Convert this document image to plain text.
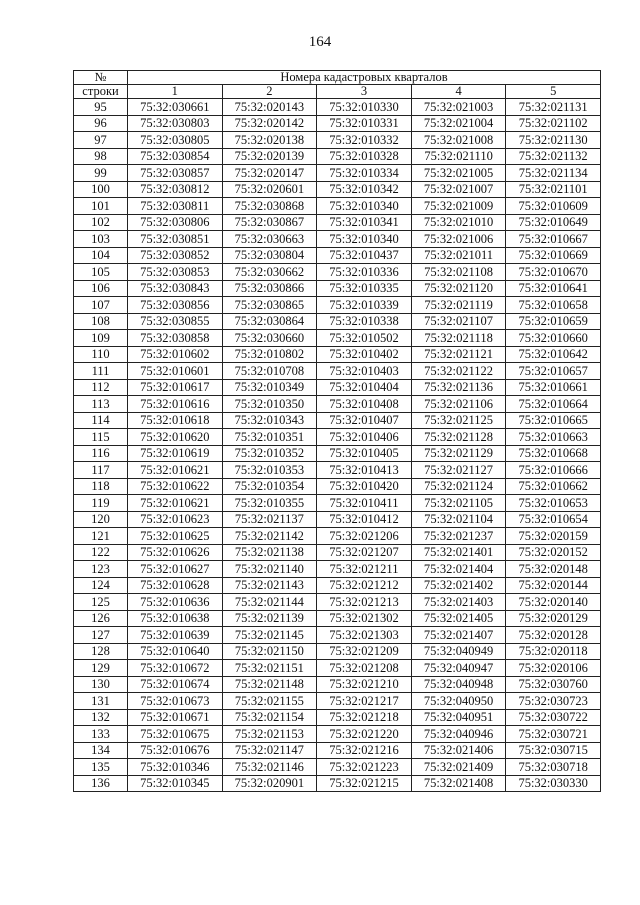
164
№	Номера кадастровых кварталов				
строки	1	2	3	4	5
95	75:32:030661	75:32:020143	75:32:010330	75:32:021003	75:32:021131
96	75:32:030803	75:32:020142	75:32:010331	75:32:021004	75:32:021102
97	75:32:030805	75:32:020138	75:32:010332	75:32:021008	75:32:021130
98	75:32:030854	75:32:020139	75:32:010328	75:32:021110	75:32:021132
99	75:32:030857	75:32:020147	75:32:010334	75:32:021005	75:32:021134
100	75:32:030812	75:32:020601	75:32:010342	75:32:021007	75:32:021101
101	75:32:030811	75:32:030868	75:32:010340	75:32:021009	75:32:010609
102	75:32:030806	75:32:030867	75:32:010341	75:32:021010	75:32:010649
103	75:32:030851	75:32:030663	75:32:010340	75:32:021006	75:32:010667
104	75:32:030852	75:32:030804	75:32:010437	75:32:021011	75:32:010669
105	75:32:030853	75:32:030662	75:32:010336	75:32:021108	75:32:010670
106	75:32:030843	75:32:030866	75:32:010335	75:32:021120	75:32:010641
107	75:32:030856	75:32:030865	75:32:010339	75:32:021119	75:32:010658
108	75:32:030855	75:32:030864	75:32:010338	75:32:021107	75:32:010659
109	75:32:030858	75:32:030660	75:32:010502	75:32:021118	75:32:010660
110	75:32:010602	75:32:010802	75:32:010402	75:32:021121	75:32:010642
111	75:32:010601	75:32:010708	75:32:010403	75:32:021122	75:32:010657
112	75:32:010617	75:32:010349	75:32:010404	75:32:021136	75:32:010661
113	75:32:010616	75:32:010350	75:32:010408	75:32:021106	75:32:010664
114	75:32:010618	75:32:010343	75:32:010407	75:32:021125	75:32:010665
115	75:32:010620	75:32:010351	75:32:010406	75:32:021128	75:32:010663
116	75:32:010619	75:32:010352	75:32:010405	75:32:021129	75:32:010668
117	75:32:010621	75:32:010353	75:32:010413	75:32:021127	75:32:010666
118	75:32:010622	75:32:010354	75:32:010420	75:32:021124	75:32:010662
119	75:32:010621	75:32:010355	75:32:010411	75:32:021105	75:32:010653
120	75:32:010623	75:32:021137	75:32:010412	75:32:021104	75:32:010654
121	75:32:010625	75:32:021142	75:32:021206	75:32:021237	75:32:020159
122	75:32:010626	75:32:021138	75:32:021207	75:32:021401	75:32:020152
123	75:32:010627	75:32:021140	75:32:021211	75:32:021404	75:32:020148
124	75:32:010628	75:32:021143	75:32:021212	75:32:021402	75:32:020144
125	75:32:010636	75:32:021144	75:32:021213	75:32:021403	75:32:020140
126	75:32:010638	75:32:021139	75:32:021302	75:32:021405	75:32:020129
127	75:32:010639	75:32:021145	75:32:021303	75:32:021407	75:32:020128
128	75:32:010640	75:32:021150	75:32:021209	75:32:040949	75:32:020118
129	75:32:010672	75:32:021151	75:32:021208	75:32:040947	75:32:020106
130	75:32:010674	75:32:021148	75:32:021210	75:32:040948	75:32:030760
131	75:32:010673	75:32:021155	75:32:021217	75:32:040950	75:32:030723
132	75:32:010671	75:32:021154	75:32:021218	75:32:040951	75:32:030722
133	75:32:010675	75:32:021153	75:32:021220	75:32:040946	75:32:030721
134	75:32:010676	75:32:021147	75:32:021216	75:32:021406	75:32:030715
135	75:32:010346	75:32:021146	75:32:021223	75:32:021409	75:32:030718
136	75:32:010345	75:32:020901	75:32:021215	75:32:021408	75:32:030330
